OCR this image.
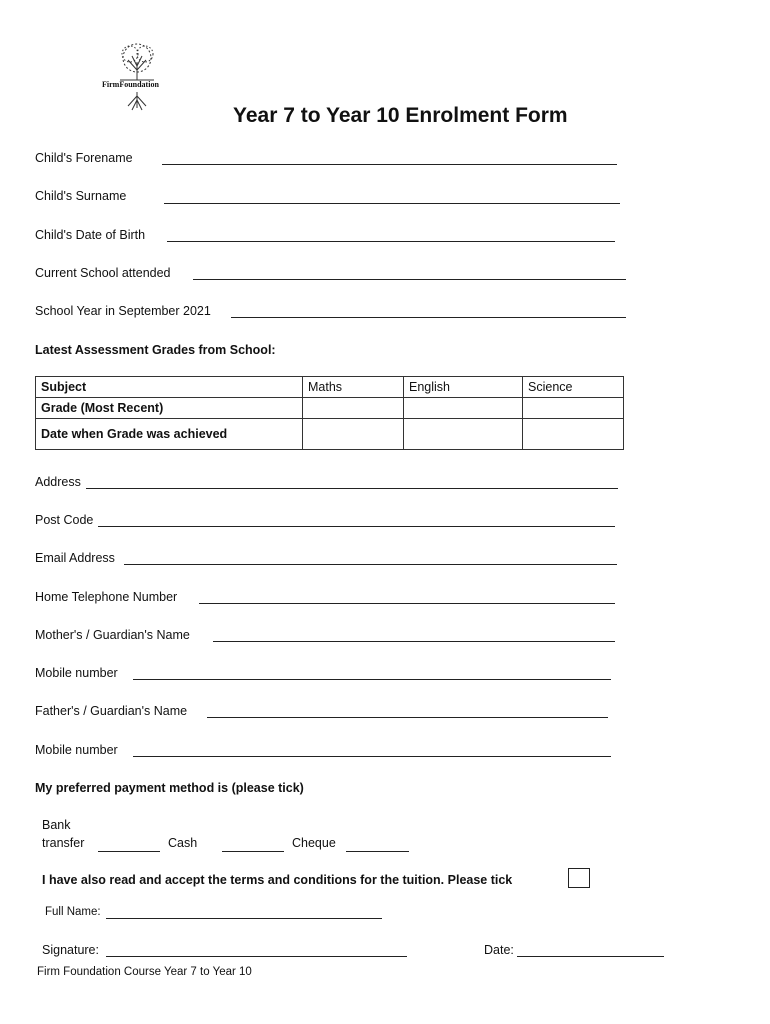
FirmFoundation
Year 7 to Year 10 Enrolment Form
Child's Forename
Child's Surname
Child's Date of Birth
Current School attended
School Year in September 2021
Latest Assessment Grades from School:
Subject	Maths	English	Science
Grade (Most Recent)			
Date when Grade was achieved			
Address
Post Code
Email Address
Home Telephone Number
Mother's / Guardian's Name
Mobile number
Father's / Guardian's Name
Mobile number
My preferred payment method is (please tick)
Bank
transfer	Cash	Cheque
I have also read and accept the terms and conditions for the tuition. Please tick
Full Name:
Signature:	Date:
Firm Foundation Course Year 7 to Year 10
